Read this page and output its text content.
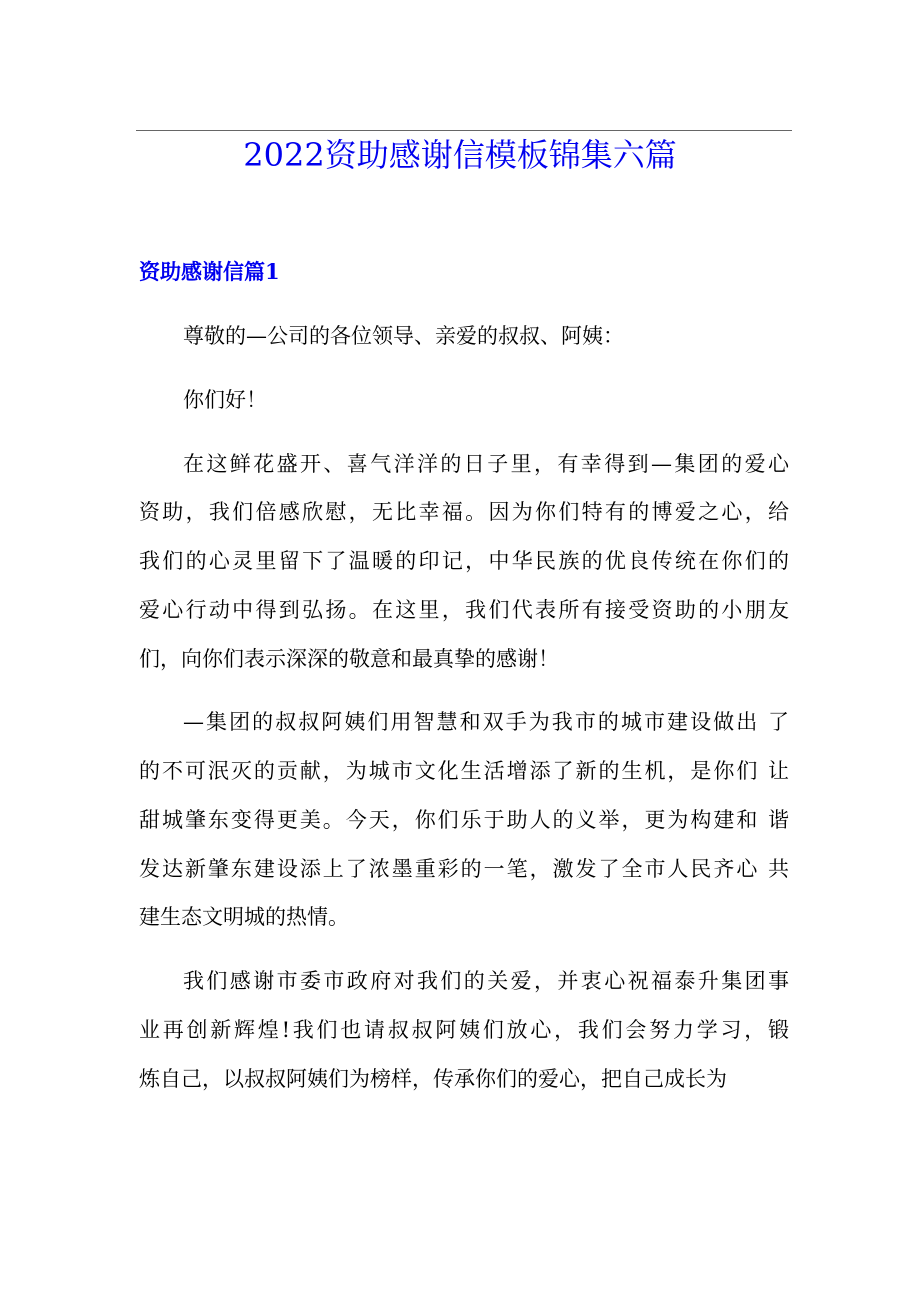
2022资助感谢信模板锦集六篇
资助感谢信篇1
尊敬的—公司的各位领导、亲爱的叔叔、阿姨：
你们好！
在这鲜花盛开、喜气洋洋的日子里，有幸得到—集团的爱心
资助，我们倍感欣慰，无比幸福。因为你们特有的博爱之心，给
我们的心灵里留下了温暖的印记，中华民族的优良传统在你们的
爱心行动中得到弘扬。在这里，我们代表所有接受资助的小朋友
们，向你们表示深深的敬意和最真挚的感谢！
—集团的叔叔阿姨们用智慧和双手为我市的城市建设做出 了
的不可泯灭的贡献，为城市文化生活增添了新的生机，是你们 让
甜城肇东变得更美。今天，你们乐于助人的义举，更为构建和 谐
发达新肇东建设添上了浓墨重彩的一笔，激发了全市人民齐心 共
建生态文明城的热情。
我们感谢市委市政府对我们的关爱，并衷心祝福泰升集团事
业再创新辉煌!我们也请叔叔阿姨们放心，我们会努力学习，锻
炼自己，以叔叔阿姨们为榜样，传承你们的爱心，把自己成长为
